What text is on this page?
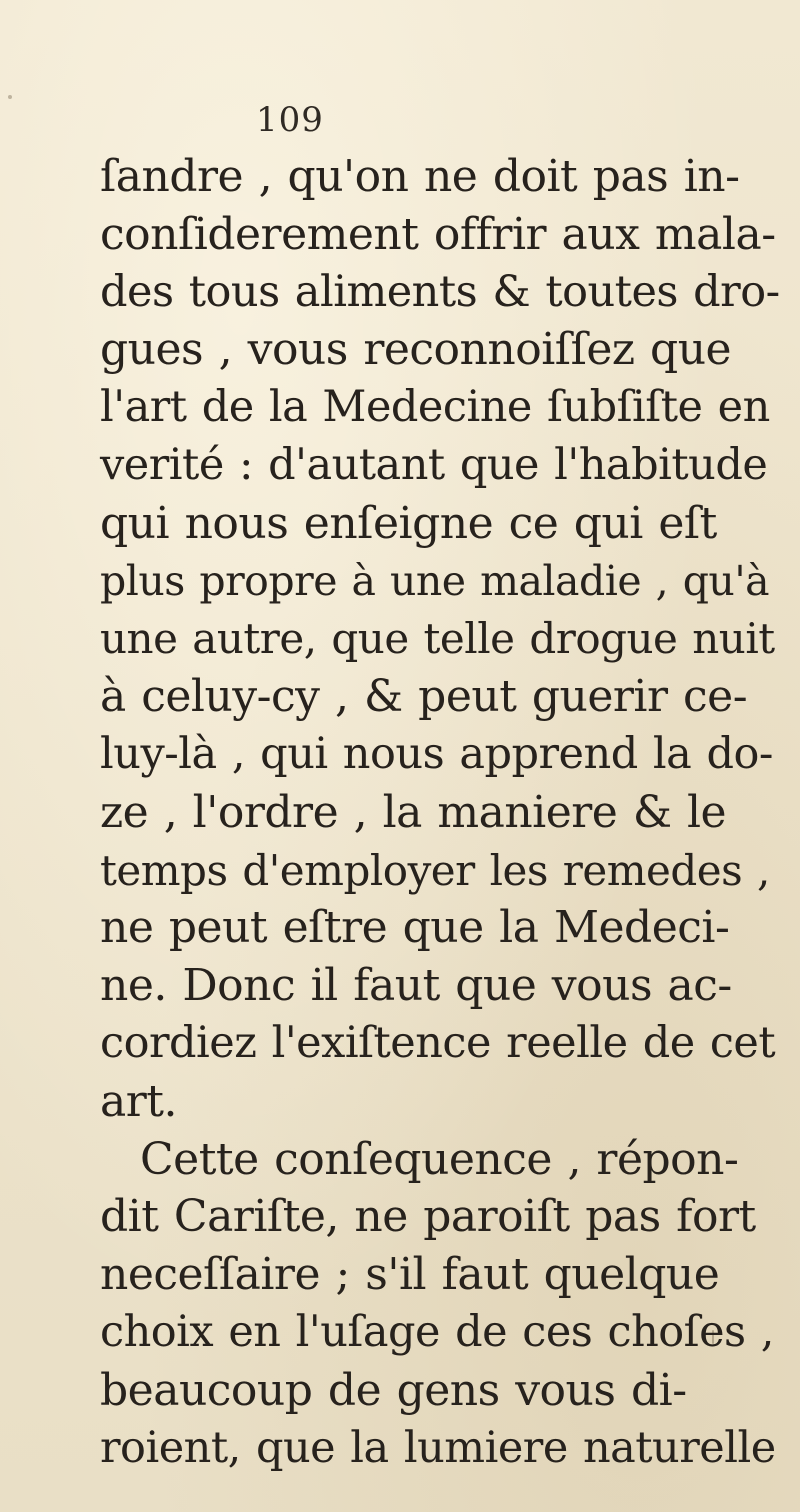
109
ſandre , qu'on ne doit pas in-
conſiderement offrir aux mala-
des tous aliments & toutes dro-
gues , vous reconnoiſſez que
l'art de la Medecine ſubſiſte en
verité : d'autant que l'habitude
qui nous enſeigne ce qui eſt
plus propre à une maladie , qu'à
une autre, que telle drogue nuit
à celuy-cy , & peut guerir ce-
luy-là , qui nous apprend la do-
ze , l'ordre , la maniere & le
temps d'employer les remedes ,
ne peut eſtre que la Medeci-
ne. Donc il faut que vous ac-
cordiez l'exiſtence reelle de cet
art.
Cette conſequence , répon-
dit Cariſte, ne paroiſt pas fort
neceſſaire ; s'il faut quelque
choix en l'uſage de ces choſes ,
beaucoup de gens vous di-
roient, que la lumiere naturelle
